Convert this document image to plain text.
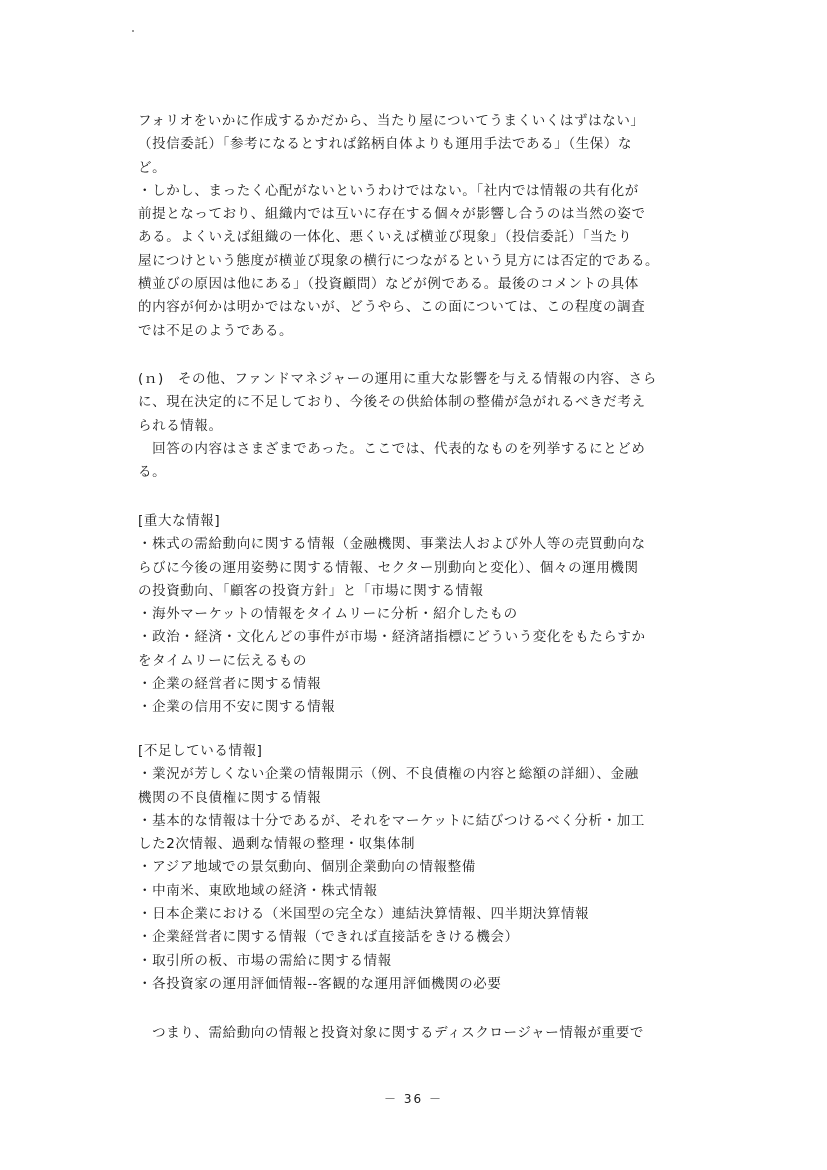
フォリオをいかに作成するかだから、当たり屋についてうまくいくはずはない」
（投信委託）「参考になるとすれば銘柄自体よりも運用手法である」（生保）な
ど。
・しかし、まったく心配がないというわけではない。「社内では情報の共有化が
前提となっており、組織内では互いに存在する個々が影響し合うのは当然の姿で
ある。よくいえば組織の一体化、悪くいえば横並び現象」（投信委託）「当たり
屋につけという態度が横並び現象の横行につながるという見方には否定的である。
横並びの原因は他にある」（投資顧問）などが例である。最後のコメントの具体
的内容が何かは明かではないが、どうやら、この面については、この程度の調査
では不足のようである。
(ｎ)　その他、ファンドマネジャーの運用に重大な影響を与える情報の内容、さら
に、現在決定的に不足しており、今後その供給体制の整備が急がれるべきだ考え
られる情報。
　回答の内容はさまざまであった。ここでは、代表的なものを列挙するにとどめ
る。
[重大な情報]
・株式の需給動向に関する情報（金融機関、事業法人および外人等の売買動向な
らびに今後の運用姿勢に関する情報、セクター別動向と変化）、個々の運用機関
の投資動向、「顧客の投資方針」と「市場に関する情報
・海外マーケットの情報をタイムリーに分析・紹介したもの
・政治・経済・文化んどの事件が市場・経済諸指標にどういう変化をもたらすか
をタイムリーに伝えるもの
・企業の経営者に関する情報
・企業の信用不安に関する情報
[不足している情報]
・業況が芳しくない企業の情報開示（例、不良債権の内容と総額の詳細）、金融
機関の不良債権に関する情報
・基本的な情報は十分であるが、それをマーケットに結びつけるべく分析・加工
した2次情報、過剰な情報の整理・収集体制
・アジア地域での景気動向、個別企業動向の情報整備
・中南米、東欧地域の経済・株式情報
・日本企業における（米国型の完全な）連結決算情報、四半期決算情報
・企業経営者に関する情報（できれば直接話をきける機会）
・取引所の板、市場の需給に関する情報
・各投資家の運用評価情報--客観的な運用評価機関の必要
　つまり、需給動向の情報と投資対象に関するディスクロージャー情報が重要で
－ 36 －
